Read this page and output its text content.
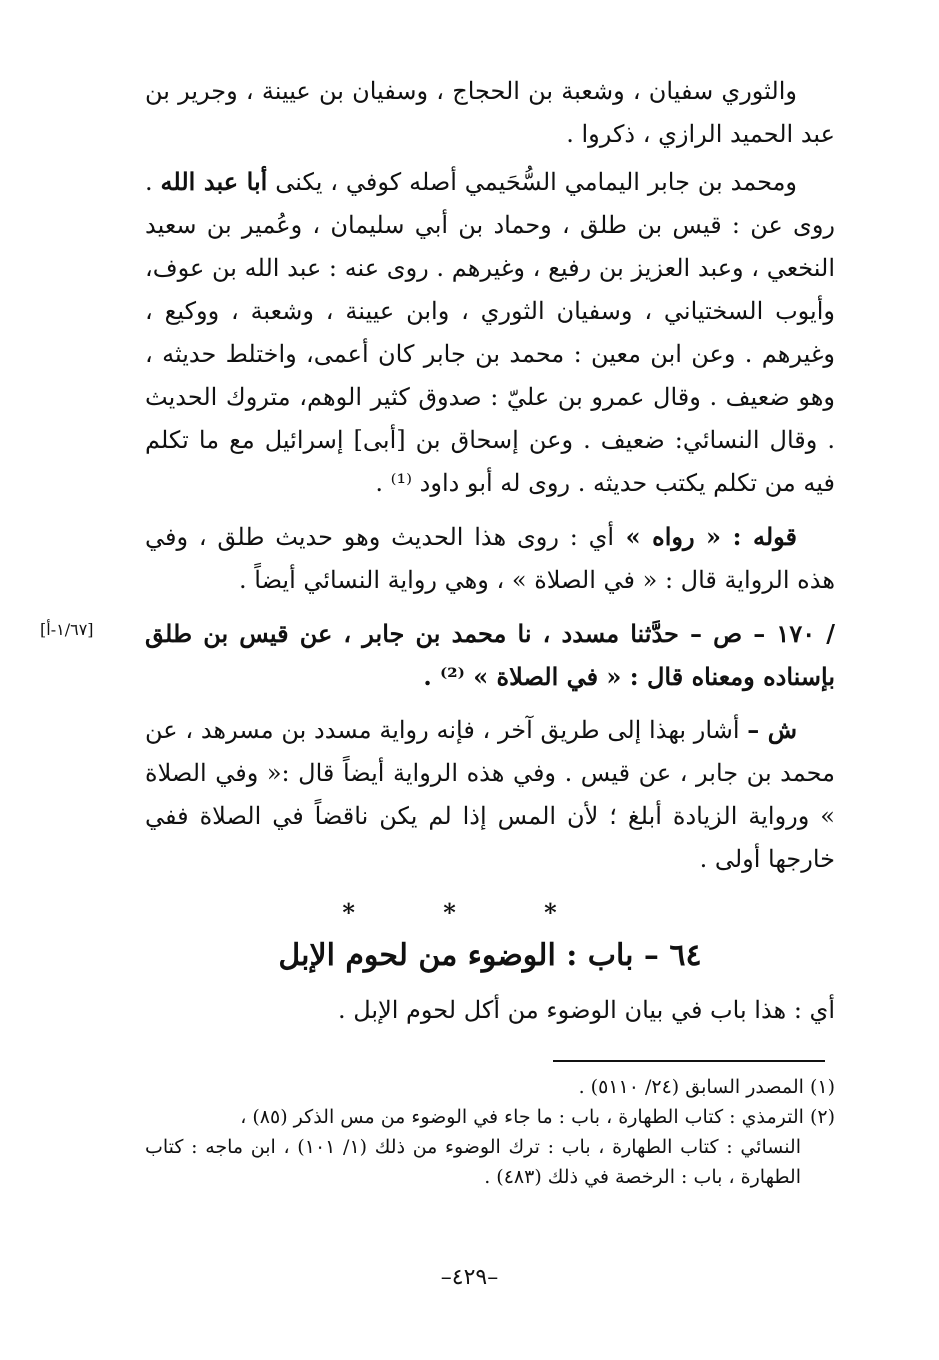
والثوري سفيان ، وشعبة بن الحجاج ، وسفيان بن عيينة ، وجرير بن عبد الحميد الرازي ، ذكروا .

ومحمد بن جابر اليمامي السُّحَيمي أصله كوفي ، يكنى أبا عبد الله . روى عن : قيس بن طلق ، وحماد بن أبي سليمان ، وعُمير بن سعيد النخعي ، وعبد العزيز بن رفيع ، وغيرهم . روى عنه : عبد الله بن عوف، وأيوب السختياني ، وسفيان الثوري ، وابن عيينة ، وشعبة ، ووكيع ، وغيرهم . وعن ابن معين : محمد بن جابر كان أعمى، واختلط حديثه ، وهو ضعيف . وقال عمرو بن عليّ : صدوق كثير الوهم، متروك الحديث . وقال النسائي: ضعيف . وعن إسحاق بن [أبى] إسرائيل مع ما تكلم فيه من تكلم يكتب حديثه . روى له أبو داود ⁽¹⁾ .

قوله : « رواه » أي : روى هذا الحديث وهو حديث طلق ، وفي هذه الرواية قال : « في الصلاة » ، وهي رواية النسائي أيضاً .

/ ١٧٠ – ص – حدَّثنا مسدد ، نا محمد بن جابر ، عن قيس بن طلق بإسناده ومعناه قال : « في الصلاة » ⁽²⁾ .

ش – أشار بهذا إلى طريق آخر ، فإنه رواية مسدد بن مسرهد ، عن محمد بن جابر ، عن قيس . وفي هذه الرواية أيضاً قال :« وفي الصلاة » ورواية الزيادة أبلغ ؛ لأن المس إذا لم يكن ناقضاً في الصلاة ففي خارجها أولى .

[١/٦٧-أ]
* * *
٦٤ – باب : الوضوء من لحوم الإبل
أي : هذا باب في بيان الوضوء من أكل لحوم الإبل .

(١) المصدر السابق (٢٤/ ٥١١٠) .

(٢) الترمذي : كتاب الطهارة ، باب : ما جاء في الوضوء من مس الذكر (٨٥) ،

النسائي : كتاب الطهارة ، باب : ترك الوضوء من ذلك (١/ ١٠١) ، ابن ماجه : كتاب الطهارة ، باب : الرخصة في ذلك (٤٨٣) .

–٤٢٩–
